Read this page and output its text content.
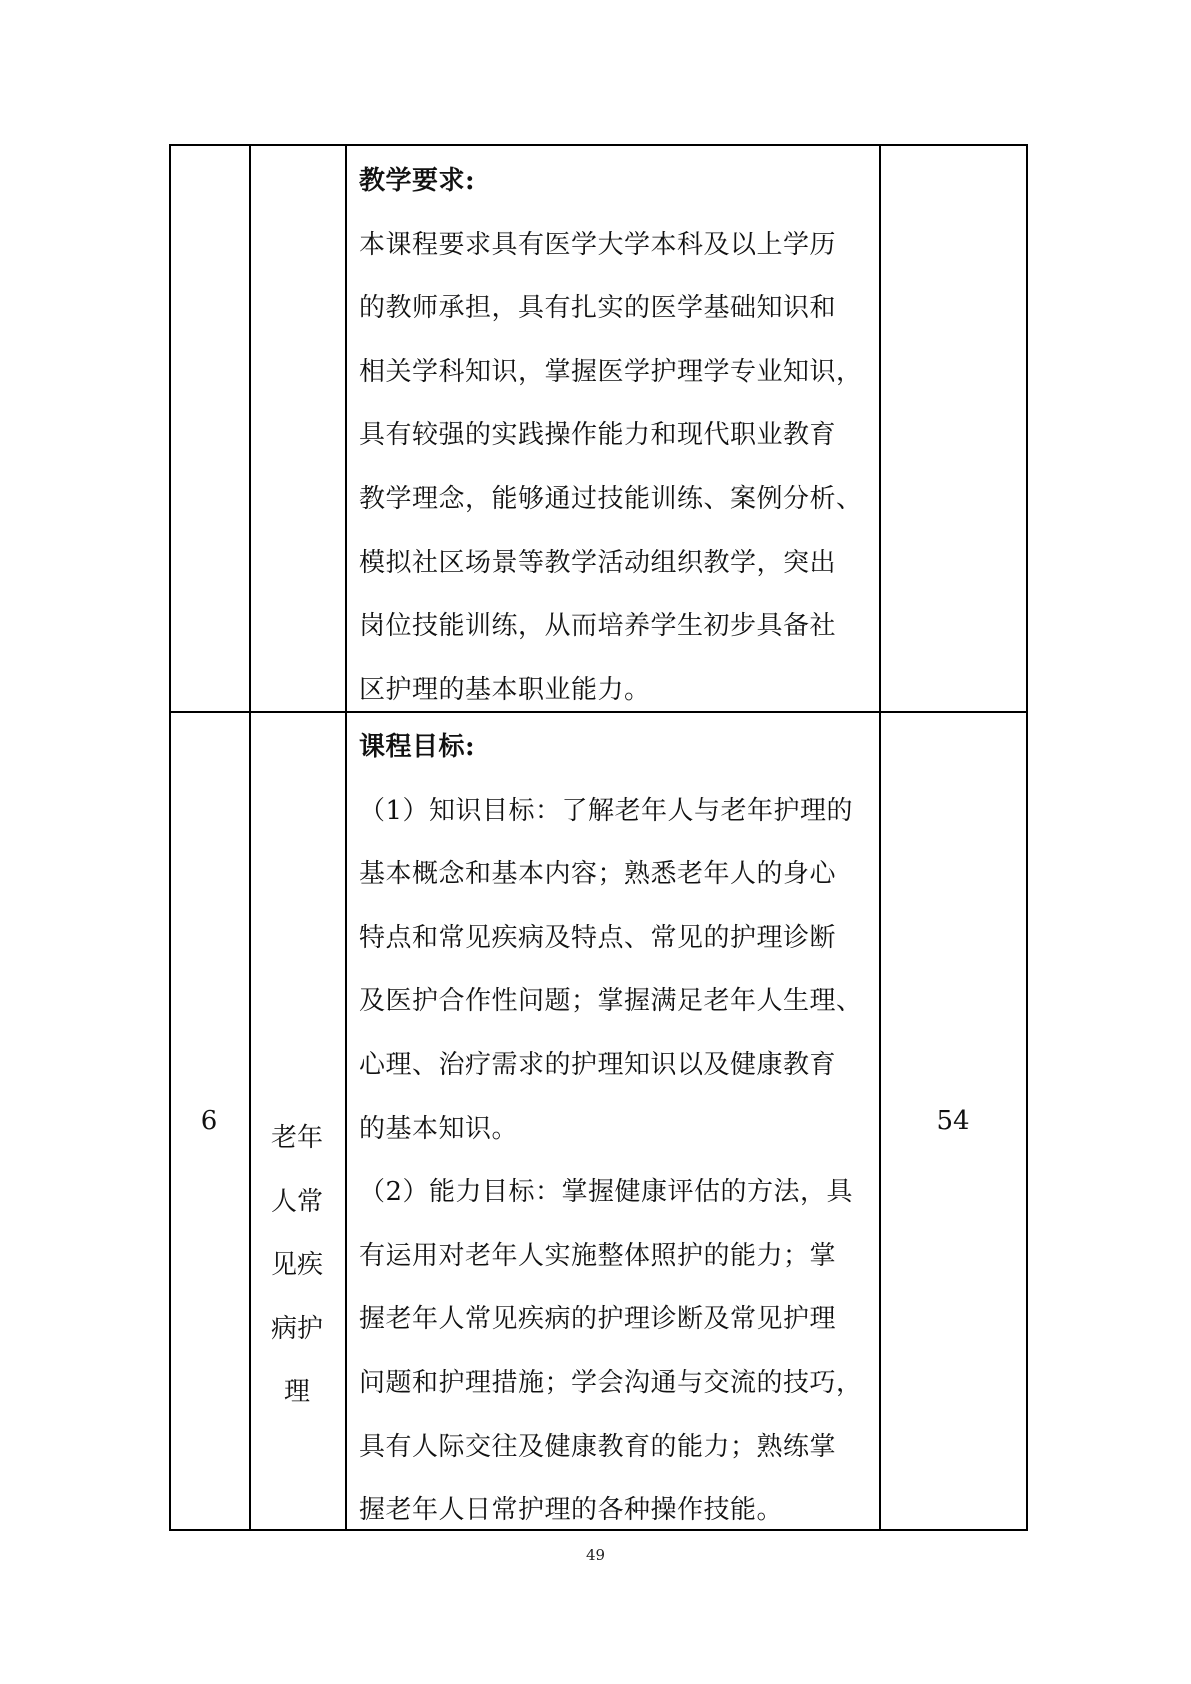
教学要求:

本课程要求具有医学大学本科及以上学历

的教师承担，具有扎实的医学基础知识和

相关学科知识，掌握医学护理学专业知识，

具有较强的实践操作能力和现代职业教育

教学理念，能够通过技能训练、案例分析、

模拟社区场景等教学活动组织教学，突出

岗位技能训练，从而培养学生初步具备社

区护理的基本职业能力。

6
老年
人常
见疾
病护
理

课程目标:

（1）知识目标：了解老年人与老年护理的

基本概念和基本内容；熟悉老年人的身心

特点和常见疾病及特点、常见的护理诊断

及医护合作性问题；掌握满足老年人生理、

心理、治疗需求的护理知识以及健康教育

的基本知识。

（2）能力目标：掌握健康评估的方法，具

有运用对老年人实施整体照护的能力；掌

握老年人常见疾病的护理诊断及常见护理

问题和护理措施；学会沟通与交流的技巧，

具有人际交往及健康教育的能力；熟练掌

握老年人日常护理的各种操作技能。

54
49
